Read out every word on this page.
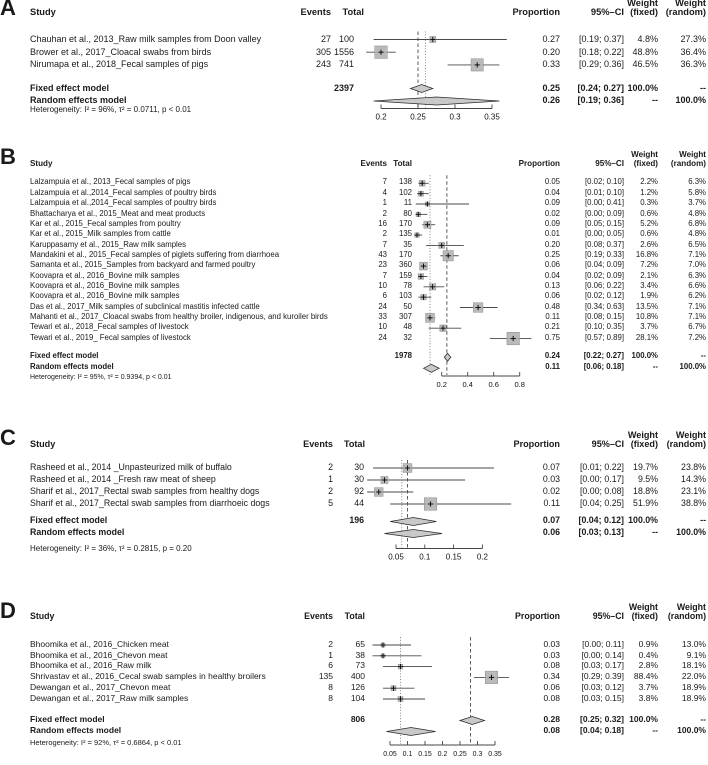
0.2	0.25	0.3	0.35
0.2 0.4 0.6 0.8
0.05 0.1 0.15 0.2
0.05 0.1 0.15 0.2 0.25 0.3 0.35
A Study	Events	Total	Proportion	95%–CI
Weight	Weight
(fixed) (random)
Chauhan et al., 2013_Raw milk samples from Doon valley	27 100	0.27	[0.19; 0.37]	4.8%	27.3%
Brower et al., 2017_Cloacal swabs from birds	305 1556	0.20	[0.18; 0.22] 48.8%	36.4%
Nirumapa et al., 2018_Fecal samples of pigs	243 741	0.33	[0.29; 0.36] 46.5%	36.3%
Fixed effect model	2397	0.25	[0.24; 0.27] 100.0%	--
Random effects model	0.26	[0.19; 0.36]	--	100.0%
Heterogeneity: I² = 96%, τ² = 0.0711, p < 0.01
B Study	Events Total	Proportion	95%–CI
Weight	Weight
(fixed)	(random)
Lalzampuia et al., 2013_Fecal samples of pigs	7	138	0.05	[0.02; 0.10]	2.2%	6.3%
Lalzampuia et al.,2014_Fecal samples of poultry birds	4	102	0.04	[0.01; 0.10]	1.2%	5.8%
Lalzampuia et al.,2014_Fecal samples of poultry birds	1	11	0.09	[0.00; 0.41]	0.3%	3.7%
Bhattacharya et al., 2015_Meat and meat products	2	80	0.02	[0.00; 0.09]	0.6%	4.8%
Kar et al., 2015_Fecal samples from poultry	16	170	0.09	[0.05; 0.15]	5.2%	6.8%
Kar et al., 2015_Milk samples from cattle	2	135	0.01	[0.00; 0.05]	0.6%	4.8%
Karuppasamy et al., 2015_Raw milk samples	7	35	0.20	[0.08; 0.37]	2.6%	6.5%
Mandakini et al., 2015_Fecal samples of piglets suffering from diarrhoea	43	170	0.25	[0.19; 0.33]	16.8%	7.1%
Samanta et al., 2015_Samples from backyard and farmed poultry	23	360	0.06	[0.04; 0.09]	7.2%	7.0%
Koovapra et al., 2016_Bovine milk samples	7	159	0.04	[0.02; 0.09]	2.1%	6.3%
Koovapra et al., 2016_Bovine milk samples	10	78	0.13	[0.06; 0.22]	3.4%	6.6%
Koovapra et al., 2016_Bovine milk samples	6	103	0.06	[0.02; 0.12]	1.9%	6.2%
Das et al., 2017_Milk samples of subclinical mastitis infected cattle	24	50	0.48	[0.34; 0.63]	13.5%	7.1%
Mahanti et al., 2017_Cloacal swabs from healthy broiler, indigenous, and kuroiler birds	33	307	0.11	[0.08; 0.15]	10.8%	7.1%
Tewari et al., 2018_Fecal samples of livestock	10	48	0.21	[0.10; 0.35]	3.7%	6.7%
Tewari et al., 2019_ Fecal samples of livestock	24	32	0.75	[0.57; 0.89]	28.1%	7.2%
Fixed effect model	1978	0.24	[0.22; 0.27] 100.0%	--
Random effects model	0.11	[0.06; 0.18]	--	100.0%
Heterogeneity: I² = 95%, τ² = 0.9394, p < 0.01
C Study	Events	Total	Proportion	95%–CI
Weight	Weight
(fixed) (random)
Rasheed et al., 2014 _Unpasteurized milk of buffalo	2	30	0.07	[0.01; 0.22]	19.7%	23.8%
Rasheed et al., 2014 _Fresh raw meat of sheep	1	30	0.03	[0.00; 0.17]	9.5%	14.3%
Sharif et al., 2017_Rectal swab samples from healthy dogs	2	92	0.02	[0.00; 0.08]	18.8%	23.1%
Sharif et al., 2017_Rectal swab samples from diarrhoeic dogs	5	44	0.11	[0.04; 0.25]	51.9%	38.8%
Fixed effect model	196	0.07	[0.04; 0.12] 100.0%	--
Random effects model	0.06	[0.03; 0.13]	--	100.0%
Heterogeneity: I² = 36%, τ² = 0.2815, p = 0.20
D Study	Events	Total	Proportion	95%–CI
Weight	Weight
(fixed)	(random)
Bhoomika et al., 2016_Chicken meat	2	65	0.03	[0.00; 0.11]	0.9%	13.0%
Bhoomika et al., 2016_Chevon meat	1	38	0.03	[0.00; 0.14]	0.4%	9.1%
Bhoomika et al., 2016_Raw milk	6	73	0.08	[0.03; 0.17]	2.8%	18.1%
Shrivastav et al., 2016_Cecal swab samples in healthy broilers	135	400	0.34	[0.29; 0.39]	88.4%	22.0%
Dewangan et al., 2017_Chevon meat	8	126	0.06	[0.03; 0.12]	3.7%	18.9%
Dewangan et al., 2017_Raw milk samples	8	104	0.08	[0.03; 0.15]	3.8%	18.9%
Fixed effect model	806	0.28	[0.25; 0.32] 100.0%	--
Random effects model	0.08	[0.04; 0.18]	--	100.0%
Heterogeneity: I² = 92%, τ² = 0.6864, p < 0.01
